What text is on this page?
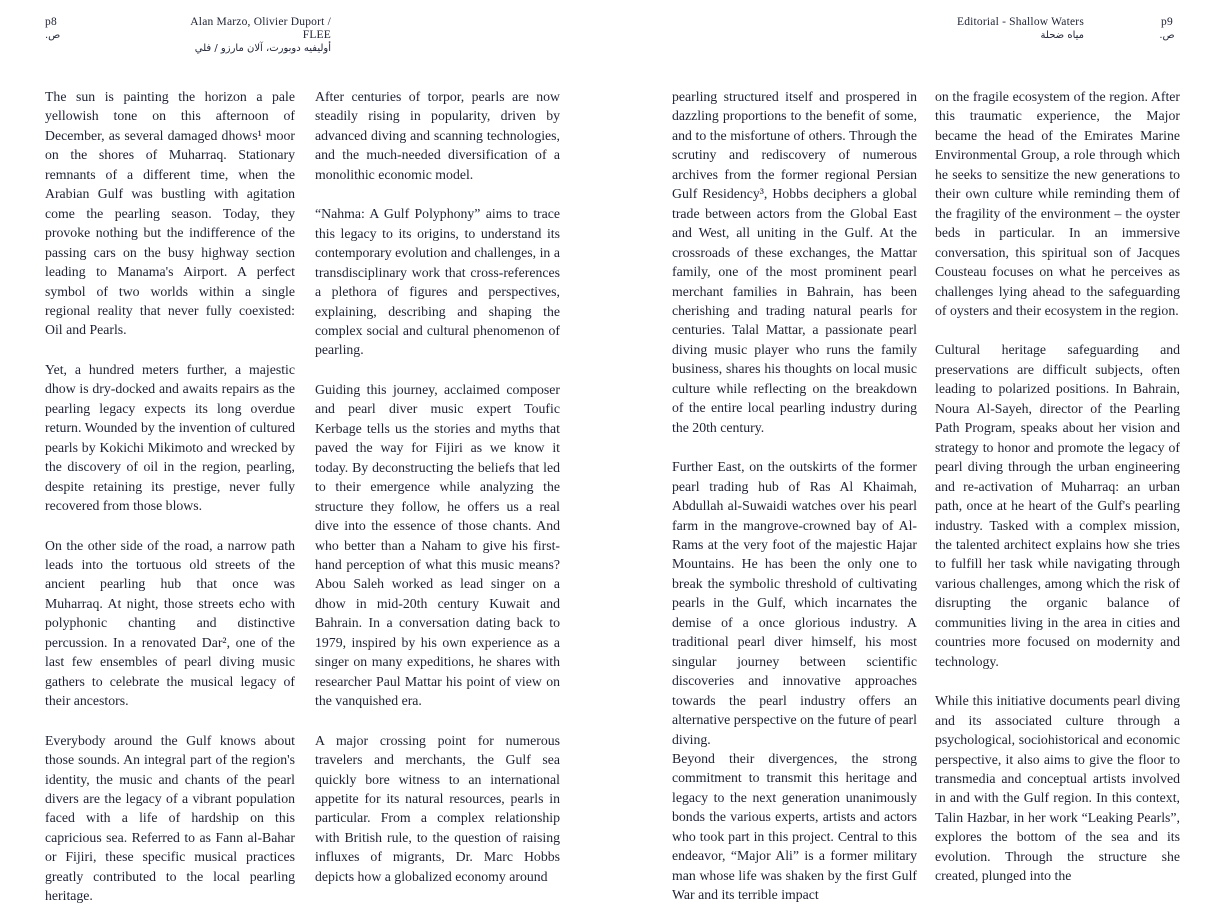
p8
ص.
Alan Marzo, Olivier Duport / FLEE
أوليفيه دوبورت، آلان مارزو / فلي
Editorial - Shallow Waters
مياه ضحلة
p9
ص.

The sun is painting the horizon a pale yellowish tone on this afternoon of December, as several damaged dhows¹ moor on the shores of Muharraq. Stationary remnants of a different time, when the Arabian Gulf was bustling with agitation come the pearling season. Today, they provoke nothing but the indifference of the passing cars on the busy highway section leading to Manama's Airport. A perfect symbol of two worlds within a single regional reality that never fully coexisted: Oil and Pearls.

Yet, a hundred meters further, a majestic dhow is dry-docked and awaits repairs as the pearling legacy expects its long overdue return. Wounded by the invention of cultured pearls by Kokichi Mikimoto and wrecked by the discovery of oil in the region, pearling, despite retaining its prestige, never fully recovered from those blows.

On the other side of the road, a narrow path leads into the tortuous old streets of the ancient pearling hub that once was Muharraq. At night, those streets echo with polyphonic chanting and distinctive percussion. In a renovated Dar², one of the last few ensembles of pearl diving music gathers to celebrate the musical legacy of their ancestors.

Everybody around the Gulf knows about those sounds. An integral part of the region's identity, the music and chants of the pearl divers are the legacy of a vibrant population faced with a life of hardship on this capricious sea. Referred to as Fann al-Bahar or Fijiri, these specific musical practices greatly contributed to the local pearling heritage.

After centuries of torpor, pearls are now steadily rising in popularity, driven by advanced diving and scanning technologies, and the much-needed diversification of a monolithic economic model.

“Nahma: A Gulf Polyphony” aims to trace this legacy to its origins, to understand its contemporary evolution and challenges, in a transdisciplinary work that cross-references a plethora of figures and perspectives, explaining, describing and shaping the complex social and cultural phenomenon of pearling.

Guiding this journey, acclaimed composer and pearl diver music expert Toufic Kerbage tells us the stories and myths that paved the way for Fijiri as we know it today. By deconstructing the beliefs that led to their emergence while analyzing the structure they follow, he offers us a real dive into the essence of those chants. And who better than a Naham to give his first-hand perception of what this music means? Abou Saleh worked as lead singer on a dhow in mid-20th century Kuwait and Bahrain. In a conversation dating back to 1979, inspired by his own experience as a singer on many expeditions, he shares with researcher Paul Mattar his point of view on the vanquished era.

A major crossing point for numerous travelers and merchants, the Gulf sea quickly bore witness to an international appetite for its natural resources, pearls in particular. From a complex relationship with British rule, to the question of raising influxes of migrants, Dr. Marc Hobbs depicts how a globalized economy around

pearling structured itself and prospered in dazzling proportions to the benefit of some, and to the misfortune of others. Through the scrutiny and rediscovery of numerous archives from the former regional Persian Gulf Residency³, Hobbs deciphers a global trade between actors from the Global East and West, all uniting in the Gulf. At the crossroads of these exchanges, the Mattar family, one of the most prominent pearl merchant families in Bahrain, has been cherishing and trading natural pearls for centuries. Talal Mattar, a passionate pearl diving music player who runs the family business, shares his thoughts on local music culture while reflecting on the breakdown of the entire local pearling industry during the 20th century.

Further East, on the outskirts of the former pearl trading hub of Ras Al Khaimah, Abdullah al-Suwaidi watches over his pearl farm in the mangrove-crowned bay of Al-Rams at the very foot of the majestic Hajar Mountains. He has been the only one to break the symbolic threshold of cultivating pearls in the Gulf, which incarnates the demise of a once glorious industry. A traditional pearl diver himself, his most singular journey between scientific discoveries and innovative approaches towards the pearl industry offers an alternative perspective on the future of pearl diving.

Beyond their divergences, the strong commitment to transmit this heritage and legacy to the next generation unanimously bonds the various experts, artists and actors who took part in this project. Central to this endeavor, “Major Ali” is a former military man whose life was shaken by the first Gulf War and its terrible impact

on the fragile ecosystem of the region. After this traumatic experience, the Major became the head of the Emirates Marine Environmental Group, a role through which he seeks to sensitize the new generations to their own culture while reminding them of the fragility of the environment – the oyster beds in particular. In an immersive conversation, this spiritual son of Jacques Cousteau focuses on what he perceives as challenges lying ahead to the safeguarding of oysters and their ecosystem in the region.

Cultural heritage safeguarding and preservations are difficult subjects, often leading to polarized positions. In Bahrain, Noura Al-Sayeh, director of the Pearling Path Program, speaks about her vision and strategy to honor and promote the legacy of pearl diving through the urban engineering and re-activation of Muharraq: an urban path, once at he heart of the Gulf's pearling industry. Tasked with a complex mission, the talented architect explains how she tries to fulfill her task while navigating through various challenges, among which the risk of disrupting the organic balance of communities living in the area in cities and countries more focused on modernity and technology.

While this initiative documents pearl diving and its associated culture through a psychological, sociohistorical and economic perspective, it also aims to give the floor to transmedia and conceptual artists involved in and with the Gulf region. In this context, Talin Hazbar, in her work “Leaking Pearls”, explores the bottom of the sea and its evolution. Through the structure she created, plunged into the
